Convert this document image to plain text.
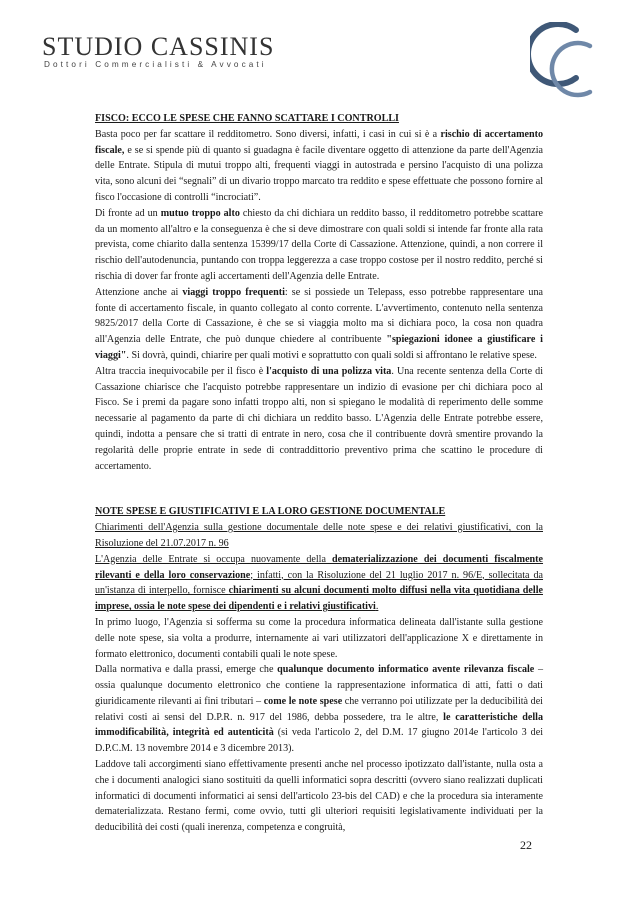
STUDIO CASSINIS
Dottori Commercialisti & Avvocati

FISCO: ECCO LE SPESE CHE FANNO SCATTARE I CONTROLLI

Basta poco per far scattare il redditometro. Sono diversi, infatti, i casi in cui si è a rischio di accertamento fiscale, e se si spende più di quanto si guadagna è facile diventare oggetto di attenzione da parte dell'Agenzia delle Entrate. Stipula di mutui troppo alti, frequenti viaggi in autostrada e persino l'acquisto di una polizza vita, sono alcuni dei “segnali” di un divario troppo marcato tra reddito e spese effettuate che possono fornire al fisco l'occasione di controlli “incrociati”.

Di fronte ad un mutuo troppo alto chiesto da chi dichiara un reddito basso, il redditometro potrebbe scattare da un momento all'altro e la conseguenza è che si deve dimostrare con quali soldi si intende far fronte alla rata prevista, come chiarito dalla sentenza 15399/17 della Corte di Cassazione. Attenzione, quindi, a non correre il rischio dell'autodenuncia, puntando con troppa leggerezza a case troppo costose per il nostro reddito, perché si rischia di dover far fronte agli accertamenti dell'Agenzia delle Entrate.

Attenzione anche ai viaggi troppo frequenti: se si possiede un Telepass, esso potrebbe rappresentare una fonte di accertamento fiscale, in quanto collegato al conto corrente. L'avvertimento, contenuto nella sentenza 9825/2017 della Corte di Cassazione, è che se si viaggia molto ma si dichiara poco, la cosa non quadra all'Agenzia delle Entrate, che può dunque chiedere al contribuente "spiegazioni idonee a giustificare i viaggi". Si dovrà, quindi, chiarire per quali motivi e soprattutto con quali soldi si affrontano le relative spese.

Altra traccia inequivocabile per il fisco è l'acquisto di una polizza vita. Una recente sentenza della Corte di Cassazione chiarisce che l'acquisto potrebbe rappresentare un indizio di evasione per chi dichiara poco al Fisco. Se i premi da pagare sono infatti troppo alti, non si spiegano le modalità di reperimento delle somme necessarie al pagamento da parte di chi dichiara un reddito basso. L'Agenzia delle Entrate potrebbe essere, quindi, indotta a pensare che si tratti di entrate in nero, cosa che il contribuente dovrà smentire provando la regolarità delle proprie entrate in sede di contraddittorio preventivo prima che scattino le procedure di accertamento.

NOTE SPESE E GIUSTIFICATIVI E LA LORO GESTIONE DOCUMENTALE

Chiarimenti dell'Agenzia sulla gestione documentale delle note spese e dei relativi giustificativi, con la Risoluzione del 21.07.2017 n. 96

L'Agenzia delle Entrate si occupa nuovamente della dematerializzazione dei documenti fiscalmente rilevanti e della loro conservazione; infatti, con la Risoluzione del 21 luglio 2017 n. 96/E, sollecitata da un'istanza di interpello, fornisce chiarimenti su alcuni documenti molto diffusi nella vita quotidiana delle imprese, ossia le note spese dei dipendenti e i relativi giustificativi.

In primo luogo, l'Agenzia si sofferma su come la procedura informatica delineata dall'istante sulla gestione delle note spese, sia volta a produrre, internamente ai vari utilizzatori dell'applicazione X e direttamente in formato elettronico, documenti contabili quali le note spese.

Dalla normativa e dalla prassi, emerge che qualunque documento informatico avente rilevanza fiscale – ossia qualunque documento elettronico che contiene la rappresentazione informatica di atti, fatti o dati giuridicamente rilevanti ai fini tributari – come le note spese che verranno poi utilizzate per la deducibilità dei relativi costi ai sensi del D.P.R. n. 917 del 1986, debba possedere, tra le altre, le caratteristiche della immodificabilità, integrità ed autenticità (si veda l'articolo 2, del D.M. 17 giugno 2014e l'articolo 3 dei D.P.C.M. 13 novembre 2014 e 3 dicembre 2013).

Laddove tali accorgimenti siano effettivamente presenti anche nel processo ipotizzato dall'istante, nulla osta a che i documenti analogici siano sostituiti da quelli informatici sopra descritti (ovvero siano realizzati duplicati informatici di documenti informatici ai sensi dell'articolo 23-bis del CAD) e che la procedura sia interamente dematerializzata. Restano fermi, come ovvio, tutti gli ulteriori requisiti legislativamente individuati per la deducibilità dei costi (quali inerenza, competenza e congruità,

22
